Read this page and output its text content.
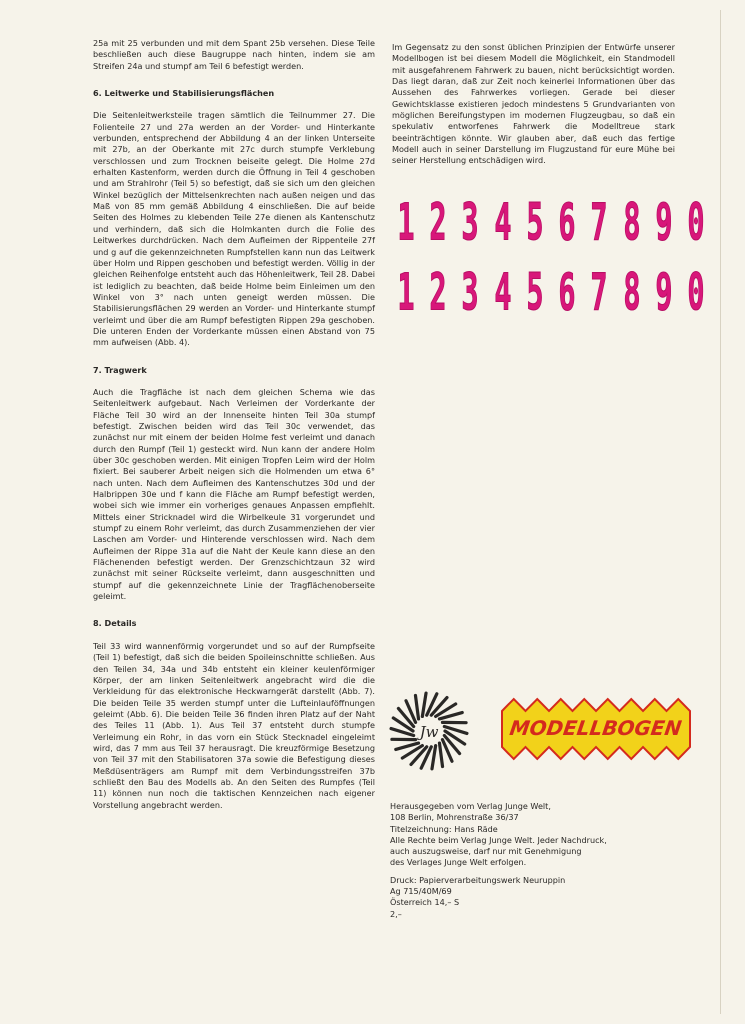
25a mit 25 verbunden und mit dem Spant 25b versehen. Diese Teile beschließen auch diese Baugruppe nach hinten, indem sie am Streifen 24a und stumpf am Teil 6 befestigt werden.

6. Leitwerke und Stabilisierungsflächen

Die Seitenleitwerksteile tragen sämtlich die Teilnummer 27. Die Folienteile 27 und 27a werden an der Vorder- und Hinterkante verbunden, entsprechend der Abbildung 4 an der linken Unterseite mit 27b, an der Oberkante mit 27c durch stumpfe Verklebung verschlossen und zum Trocknen beiseite gelegt. Die Holme 27d erhalten Kastenform, werden durch die Öffnung in Teil 4 geschoben und am Strahlrohr (Teil 5) so befestigt, daß sie sich um den gleichen Winkel bezüglich der Mittelsenkrechten nach außen neigen und das Maß von 85 mm gemäß Abbildung 4 einschließen. Die auf beide Seiten des Holmes zu klebenden Teile 27e dienen als Kantenschutz und verhindern, daß sich die Holmkanten durch die Folie des Leitwerkes durchdrücken. Nach dem Aufleimen der Rippenteile 27f und g auf die gekennzeichneten Rumpfstellen kann nun das Leitwerk über Holm und Rippen geschoben und befestigt werden. Völlig in der gleichen Reihenfolge entsteht auch das Höhenleitwerk, Teil 28. Dabei ist lediglich zu beachten, daß beide Holme beim Einleimen um den Winkel von 3° nach unten geneigt werden müssen. Die Stabilisierungsflächen 29 werden an Vorder- und Hinterkante stumpf verleimt und über die am Rumpf befestigten Rippen 29a geschoben. Die unteren Enden der Vorderkante müssen einen Abstand von 75 mm aufweisen (Abb. 4).

7. Tragwerk

Auch die Tragfläche ist nach dem gleichen Schema wie das Seitenleitwerk aufgebaut. Nach Verleimen der Vorderkante der Fläche Teil 30 wird an der Innenseite hinten Teil 30a stumpf befestigt. Zwischen beiden wird das Teil 30c verwendet, das zunächst nur mit einem der beiden Holme fest verleimt und danach durch den Rumpf (Teil 1) gesteckt wird. Nun kann der andere Holm über 30c geschoben werden. Mit einigen Tropfen Leim wird der Holm fixiert. Bei sauberer Arbeit neigen sich die Holmenden um etwa 6° nach unten. Nach dem Aufleimen des Kantenschutzes 30d und der Halbrippen 30e und f kann die Fläche am Rumpf befestigt werden, wobei sich wie immer ein vorheriges genaues Anpassen empfiehlt. Mittels einer Stricknadel wird die Wirbelkeule 31 vorgerundet und stumpf zu einem Rohr verleimt, das durch Zusammenziehen der vier Laschen am Vorder- und Hinterende verschlossen wird. Nach dem Aufleimen der Rippe 31a auf die Naht der Keule kann diese an den Flächenenden befestigt werden. Der Grenzschichtzaun 32 wird zunächst mit seiner Rückseite verleimt, dann ausgeschnitten und stumpf auf die gekennzeichnete Linie der Tragflächenoberseite geleimt.

8. Details

Teil 33 wird wannenförmig vorgerundet und so auf der Rumpfseite (Teil 1) befestigt, daß sich die beiden Spoileinschnitte schließen. Aus den Teilen 34, 34a und 34b entsteht ein kleiner keulenförmiger Körper, der am linken Seitenleitwerk angebracht wird die die Verkleidung für das elektronische Heckwarngerät darstellt (Abb. 7). Die beiden Teile 35 werden stumpf unter die Lufteinlauföffnungen geleimt (Abb. 6). Die beiden Teile 36 finden ihren Platz auf der Naht des Teiles 11 (Abb. 1). Aus Teil 37 entsteht durch stumpfe Verleimung ein Rohr, in das vorn ein Stück Stecknadel eingeleimt wird, das 7 mm aus Teil 37 herausragt. Die kreuzförmige Besetzung von Teil 37 mit den Stabilisatoren 37a sowie die Befestigung dieses Meßdüsenträgers am Rumpf mit dem Verbindungsstreifen 37b schließt den Bau des Modells ab. An den Seiten des Rumpfes (Teil 11) können nun noch die taktischen Kennzeichen nach eigener Vorstellung angebracht werden.

Im Gegensatz zu den sonst üblichen Prinzipien der Entwürfe unserer Modellbogen ist bei diesem Modell die Möglichkeit, ein Standmodell mit ausgefahrenem Fahrwerk zu bauen, nicht berücksichtigt worden. Das liegt daran, daß zur Zeit noch keinerlei Informationen über das Aussehen des Fahrwerkes vorliegen. Gerade bei dieser Gewichtsklasse existieren jedoch mindestens 5 Grundvarianten von möglichen Bereifungstypen im modernen Flugzeugbau, so daß ein spekulativ entworfenes Fahrwerk die Modelltreue stark beeinträchtigen könnte. Wir glauben aber, daß euch das fertige Modell auch in seiner Darstellung im Flugzustand für eure Mühe bei seiner Herstellung entschädigen wird.

1 2 3 4 5 6 7 8 9 0
1 2 3 4 5 6 7 8 9 0
Jw	MODELLBOGEN

Herausgegeben vom Verlag Junge Welt,

108 Berlin, Mohrenstraße 36/37

Titelzeichnung: Hans Räde

Alle Rechte beim Verlag Junge Welt. Jeder Nachdruck,

auch auszugsweise, darf nur mit Genehmigung

des Verlages Junge Welt erfolgen.

Druck: Papierverarbeitungswerk Neuruppin

Ag 715/40M/69

Österreich 14,– S

2,–
